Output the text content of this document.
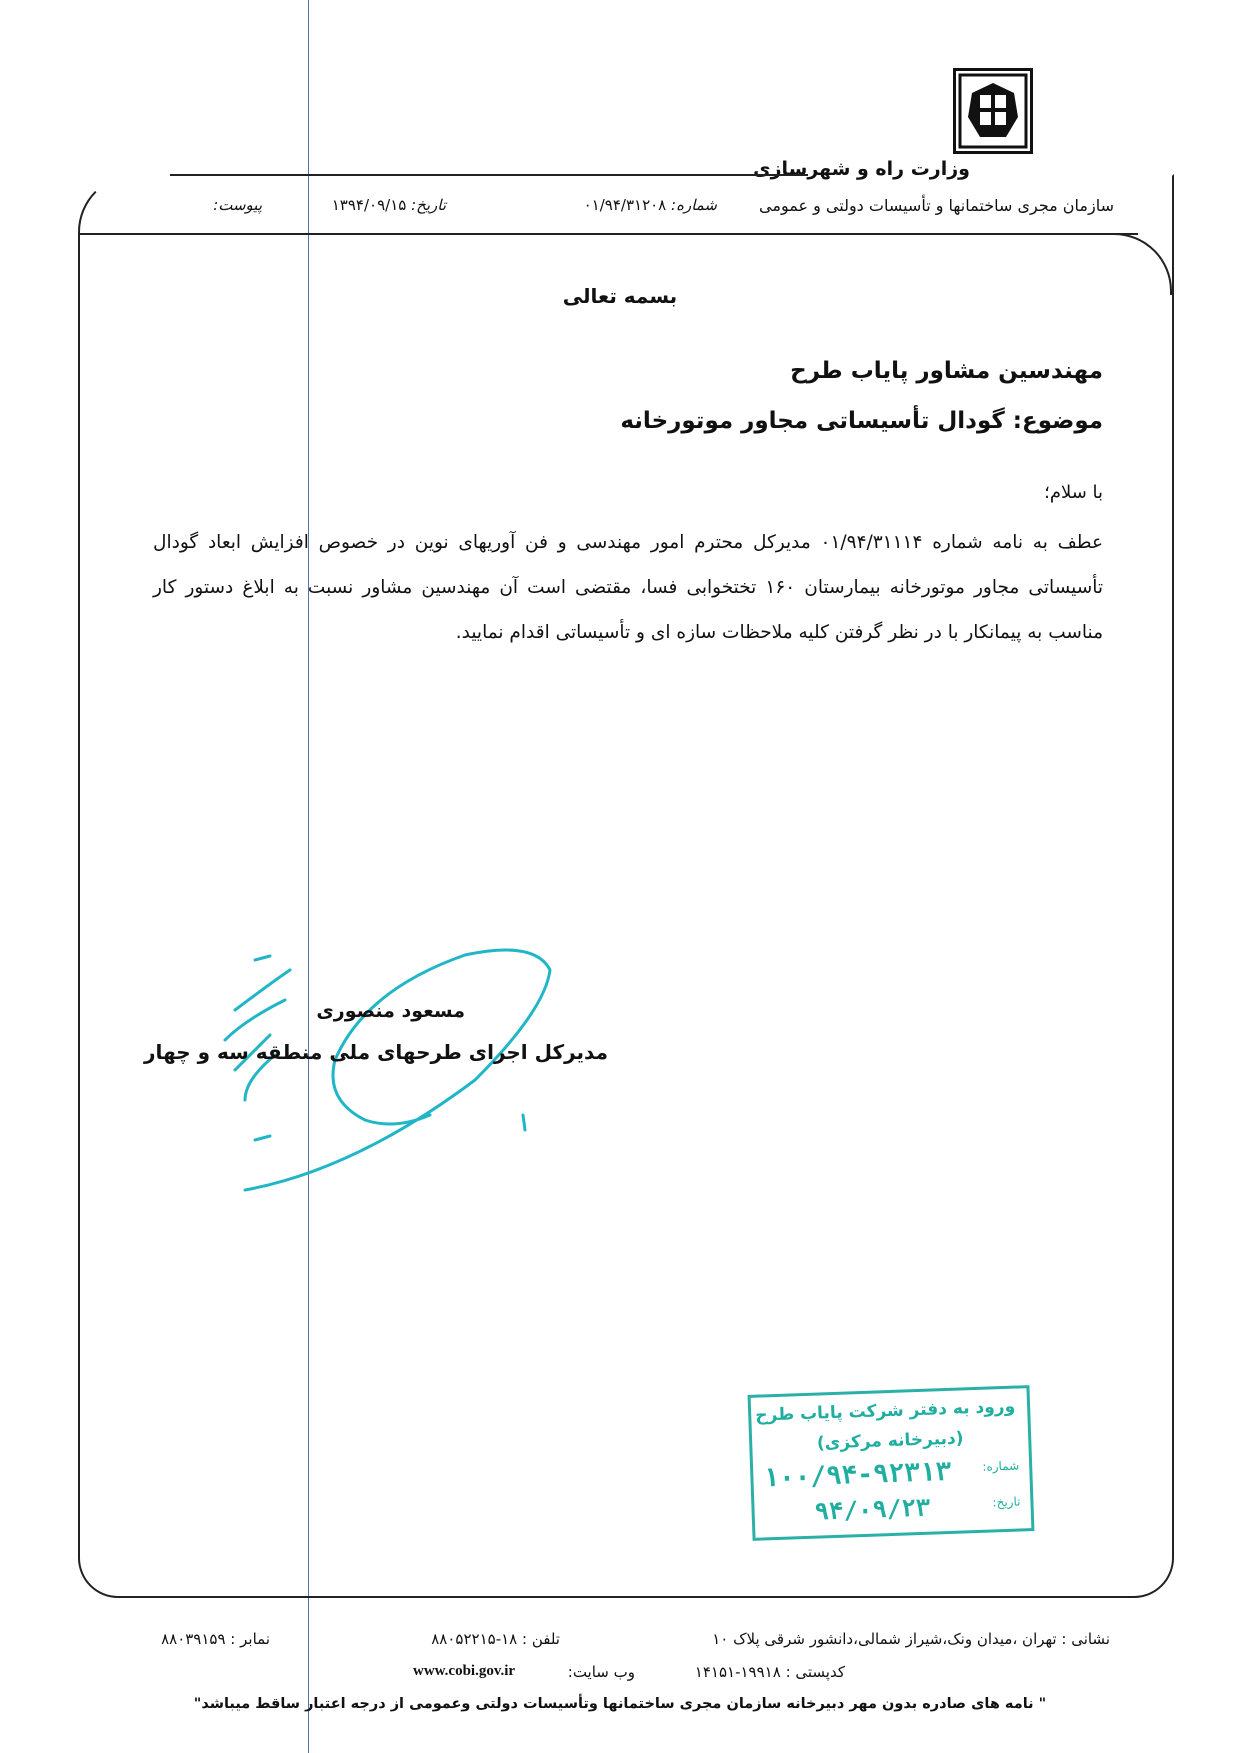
وزارت راه و شهرسازی
سازمان مجری ساختمانها و تأسیسات دولتی و عمومی
شماره: ۰۱/۹۴/۳۱۲۰۸
تاریخ: ۱۳۹۴/۰۹/۱۵
پیوست:
بسمه تعالی
مهندسین مشاور پایاب طرح
موضوع: گودال تأسیساتی مجاور موتورخانه
با سلام؛
عطف به نامه شماره ۰۱/۹۴/۳۱۱۱۴ مدیرکل محترم امور مهندسی و فن آوریهای نوین در خصوص افزایش ابعاد گودال تأسیساتی مجاور موتورخانه بیمارستان ۱۶۰ تختخوابی فسا، مقتضی است آن مهندسین مشاور نسبت به ابلاغ دستور کار مناسب به پیمانکار با در نظر گرفتن کلیه ملاحظات سازه ای و تأسیساتی اقدام نمایید.
مسعود منصوری
مدیرکل اجرای طرحهای ملی منطقه سه و چهار
ورود به دفتر شرکت پایاب طرح
(دبیرخانه مرکزی)
شماره:
۱۰۰/۹۴-۹۲۳۱۳
تاریخ:
۹۴/۰۹/۲۳
نشانی : تهران ،میدان ونک،شیراز شمالی،دانشور شرقی پلاک ۱۰
تلفن : ۱۸-۸۸۰۵۲۲۱۵
نمابر : ۸۸۰۳۹۱۵۹
کدپستی : ۱۹۹۱۸-۱۴۱۵۱
وب سایت:
www.cobi.gov.ir
" نامه های صادره بدون مهر دبیرخانه سازمان مجری ساختمانها وتأسیسات دولتی وعمومی از درجه اعتبار ساقط میباشد"
